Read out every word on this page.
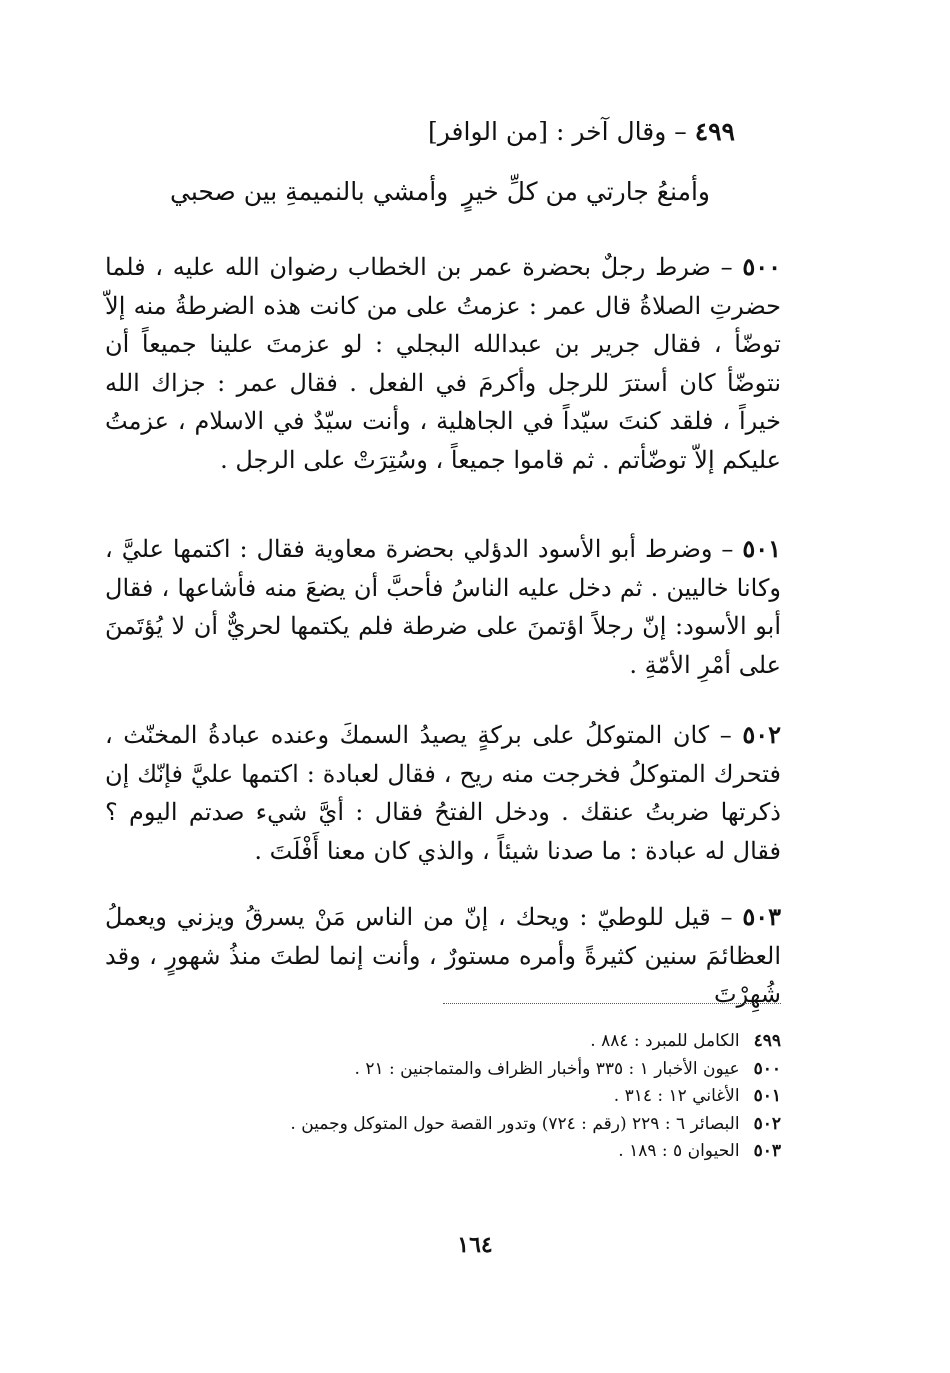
٤٩٩ – وقال آخر : [من الوافر]
وأمنعُ جارتي من كلِّ خيرٍ
وأمشي بالنميمةِ بين صحبي
٥٠٠ – ضرط رجلٌ بحضرة عمر بن الخطاب رضوان الله عليه ، فلما حضرتِ الصلاةُ قال عمر : عزمتُ على من كانت هذه الضرطةُ منه إلاّ توضّأ ، فقال جرير بن عبدالله البجلي : لو عزمتَ علينا جميعاً أن نتوضّأ كان أسترَ للرجل وأكرمَ في الفعل . فقال عمر : جزاك الله خيراً ، فلقد كنتَ سيّداً في الجاهلية ، وأنت سيّدٌ في الاسلام ، عزمتُ عليكم إلاّ توضّأتم . ثم قاموا جميعاً ، وسُتِرَتْ على الرجل .
٥٠١ – وضرط أبو الأسود الدؤلي بحضرة معاوية فقال : اكتمها عليَّ ، وكانا خاليين . ثم دخل عليه الناسُ فأحبَّ أن يضعَ منه فأشاعها ، فقال أبو الأسود: إنّ رجلاً اؤتمنَ على ضرطة فلم يكتمها لحريٌّ أن لا يُؤتَمنَ على أمْرِ الأمّةِ .
٥٠٢ – كان المتوكلُ على بركةٍ يصيدُ السمكَ وعنده عبادةُ المخنّث ، فتحرك المتوكلُ فخرجت منه ريح ، فقال لعبادة : اكتمها عليَّ فإنّك إن ذكرتها ضربتُ عنقك . ودخل الفتحُ فقال : أيَّ شيء صدتم اليوم ؟ فقال له عبادة : ما صدنا شيئاً ، والذي كان معنا أَفْلَتَ .
٥٠٣ – قيل للوطيّ : ويحك ، إنّ من الناس مَنْ يسرقُ ويزني ويعملُ العظائمَ سنين كثيرةً وأمره مستورٌ ، وأنت إنما لطتَ منذُ شهورٍ ، وقد شُهِرْتَ
٤٩٩الكامل للمبرد : ٨٨٤ .
٥٠٠عيون الأخبار ١ : ٣٣٥ وأخبار الظراف والمتماجنين : ٢١ .
٥٠١الأغاني ١٢ : ٣١٤ .
٥٠٢البصائر ٦ : ٢٢٩ (رقم : ٧٢٤) وتدور القصة حول المتوكل وجمين .
٥٠٣الحيوان ٥ : ١٨٩ .
١٦٤
